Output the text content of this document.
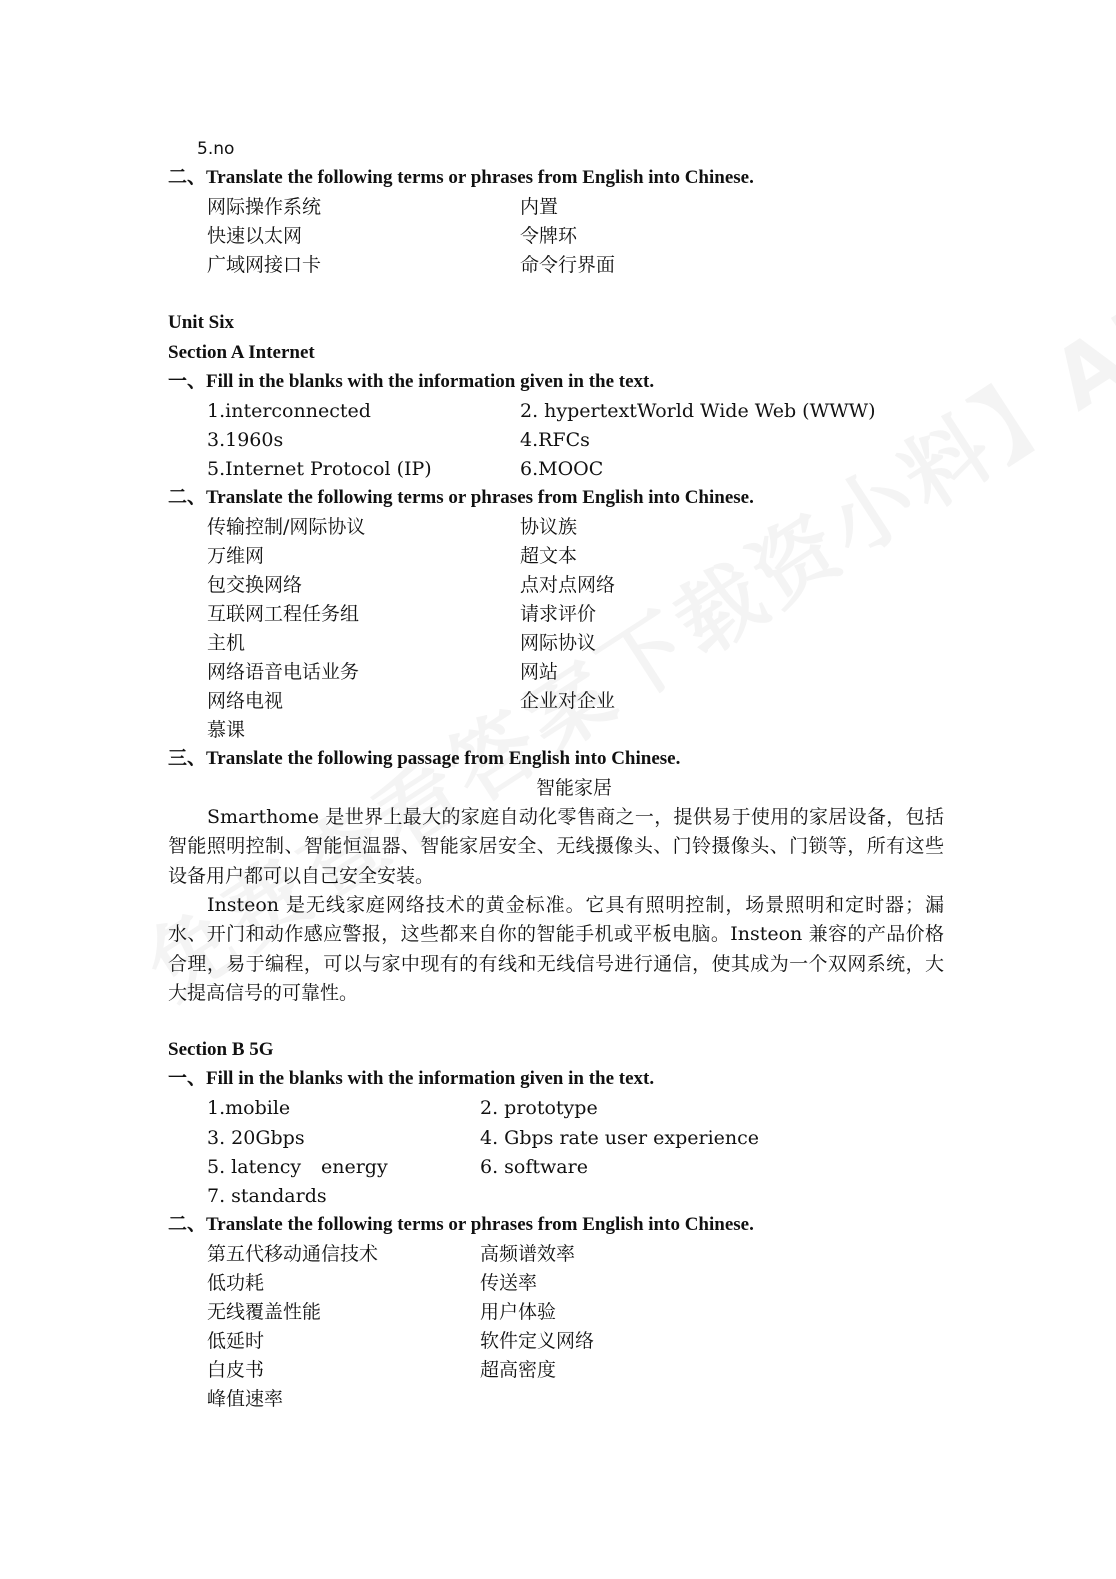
5.no
二、Translate the following terms or phrases from English into Chinese.
网际操作系统	内置
快速以太网	令牌环
广域网接口卡	命令行界面
Unit Six
Section A Internet
一、Fill in the blanks with the information given in the text.
1.interconnected	2. hypertext World Wide Web (WWW)
3.1960s	4.RFCs
5.Internet Protocol (IP)	6.MOOC
二、Translate the following terms or phrases from English into Chinese.
传输控制/网际协议	协议族
万维网	超文本
包交换网络	点对点网络
互联网工程任务组	请求评价
主机	网际协议
网络语音电话业务	网站
网络电视	企业对企业
慕课
三、Translate the following passage from English into Chinese.
智能家居
Smarthome 是世界上最大的家庭自动化零售商之一，提供易于使用的家居设备，包括智能照明控制、智能恒温器、智能家居安全、无线摄像头、门铃摄像头、门锁等，所有这些设备用户都可以自己安全安装。
Insteon 是无线家庭网络技术的黄金标准。它具有照明控制，场景照明和定时器；漏水、开门和动作感应警报，这些都来自你的智能手机或平板电脑。Insteon 兼容的产品价格合理，易于编程，可以与家中现有的有线和无线信号进行通信，使其成为一个双网系统，大大提高信号的可靠性。
Section B 5G
一、Fill in the blanks with the information given in the text.
1.mobile	2. prototype
3. 20Gbps	4. Gbps rate user experience
5. latency energy	6. software
7. standards
二、Translate the following terms or phrases from English into Chinese.
第五代移动通信技术	高频谱效率
低功耗	传送率
无线覆盖性能	用户体验
低延时	软件定义网络
白皮书	超高密度
峰值速率
